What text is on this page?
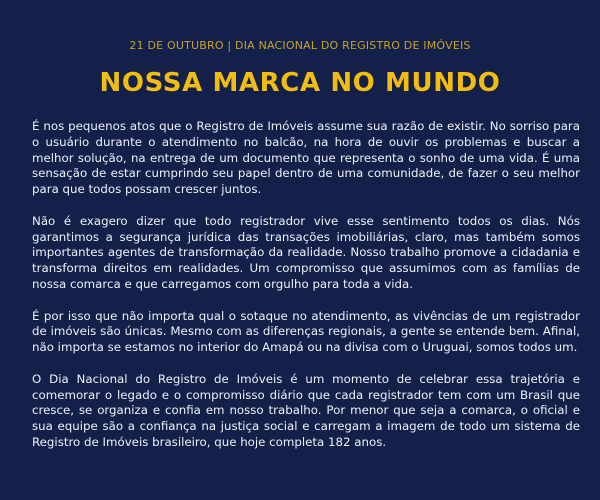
21 DE OUTUBRO | DIA NACIONAL DO REGISTRO DE IMÓVEIS
NOSSA MARCA NO MUNDO

É nos pequenos atos que o Registro de Imóveis assume sua razão de existir. No sorriso para o usuário durante o atendimento no balcão, na hora de ouvir os problemas e buscar a melhor solução, na entrega de um documento que representa o sonho de uma vida. É uma sensação de estar cumprindo seu papel dentro de uma comunidade, de fazer o seu melhor para que todos possam crescer juntos.

Não é exagero dizer que todo registrador vive esse sentimento todos os dias. Nós garantimos a segurança jurídica das transações imobiliárias, claro, mas também somos importantes agentes de transformação da realidade. Nosso trabalho promove a cidadania e transforma direitos em realidades. Um compromisso que assumimos com as famílias de nossa comarca e que carregamos com orgulho para toda a vida.

É por isso que não importa qual o sotaque no atendimento, as vivências de um registrador de imóveis são únicas. Mesmo com as diferenças regionais, a gente se entende bem. Afinal, não importa se estamos no interior do Amapá ou na divisa com o Uruguai, somos todos um.

O Dia Nacional do Registro de Imóveis é um momento de celebrar essa trajetória e comemorar o legado e o compromisso diário que cada registrador tem com um Brasil que cresce, se organiza e confia em nosso trabalho. Por menor que seja a comarca, o oficial e sua equipe são a confiança na justiça social e carregam a imagem de todo um sistema de Registro de Imóveis brasileiro, que hoje completa 182 anos.
